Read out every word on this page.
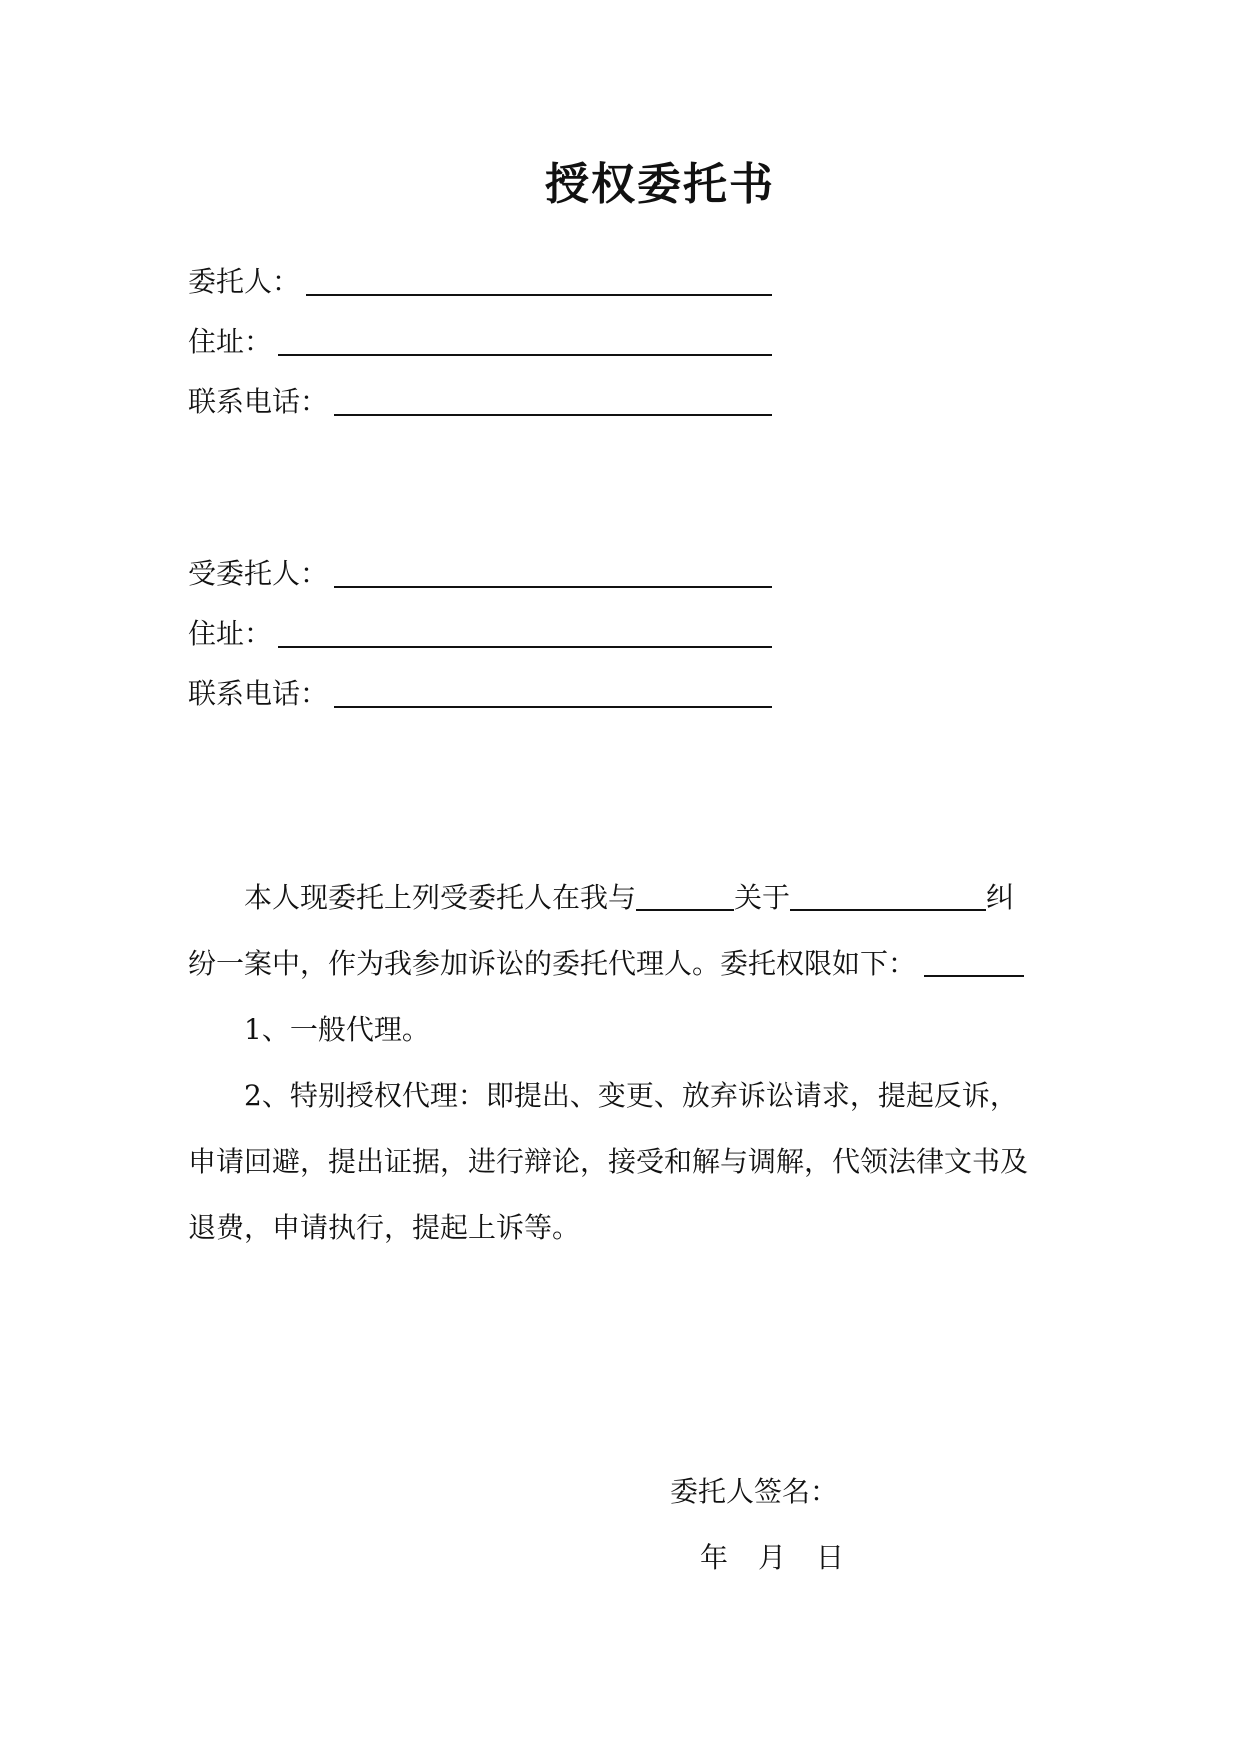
授权委托书
委托人：
住址：
联系电话：
受委托人：
住址：
联系电话：
本人现委托上列受委托人在我与	关于	纠
纷一案中，作为我参加诉讼的委托代理人。委托权限如下：
1、一般代理。
2、特别授权代理：即提出、变更、放弃诉讼请求，提起反诉，
申请回避，提出证据，进行辩论，接受和解与调解，代领法律文书及
退费，申请执行，提起上诉等。
委托人签名：
年 月 日
